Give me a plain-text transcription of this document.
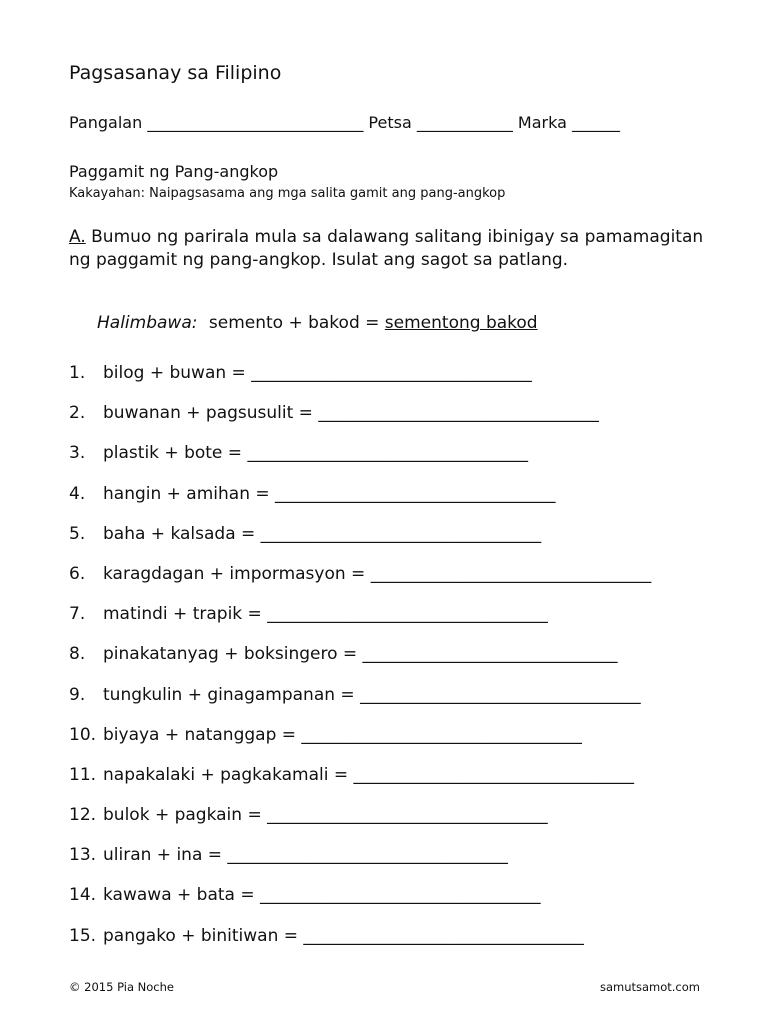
Pagsasanay sa Filipino
Pangalan ___________________________ Petsa ____________ Marka ______
Paggamit ng Pang-angkop
Kakayahan: Naipagsasama ang mga salita gamit ang pang-angkop
A. Bumuo ng parirala mula sa dalawang salitang ibinigay sa pamamagitan ng paggamit ng pang-angkop. Isulat ang sagot sa patlang.
Halimbawa: semento + bakod = sementong bakod
1. bilog + buwan = _________________________________
2. buwanan + pagsusulit = _________________________________
3. plastik + bote = _________________________________
4. hangin + amihan = _________________________________
5. baha + kalsada = _________________________________
6. karagdagan + impormasyon = _________________________________
7. matindi + trapik = _________________________________
8. pinakatanyag + boksingero = ______________________________
9. tungkulin + ginagampanan = _________________________________
10. biyaya + natanggap = _________________________________
11. napakalaki + pagkakamali = _________________________________
12. bulok + pagkain = _________________________________
13. uliran + ina = _________________________________
14. kawawa + bata = _________________________________
15. pangako + binitiwan = _________________________________
© 2015 Pia Noche	samutsamot.com
